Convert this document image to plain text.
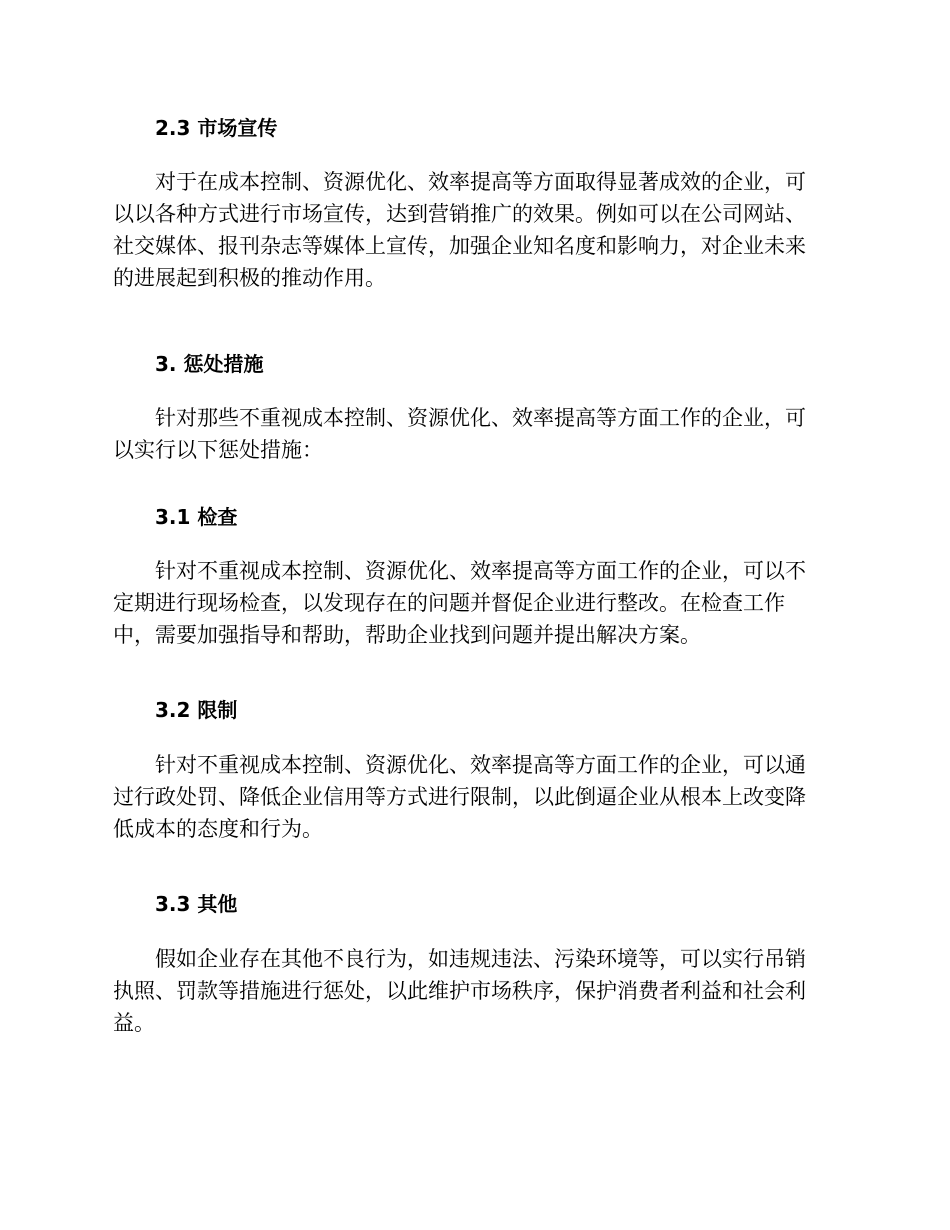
2.3 市场宣传
对于在成本控制、资源优化、效率提高等方面取得显著成效的企业，可
以以各种方式进行市场宣传，达到营销推广的效果。例如可以在公司网站、
社交媒体、报刊杂志等媒体上宣传，加强企业知名度和影响力，对企业未来
的进展起到积极的推动作用。
3. 惩处措施
针对那些不重视成本控制、资源优化、效率提高等方面工作的企业，可
以实行以下惩处措施：
3.1 检查
针对不重视成本控制、资源优化、效率提高等方面工作的企业，可以不
定期进行现场检查，以发现存在的问题并督促企业进行整改。在检查工作
中，需要加强指导和帮助，帮助企业找到问题并提出解决方案。
3.2 限制
针对不重视成本控制、资源优化、效率提高等方面工作的企业，可以通
过行政处罚、降低企业信用等方式进行限制，以此倒逼企业从根本上改变降
低成本的态度和行为。
3.3 其他
假如企业存在其他不良行为，如违规违法、污染环境等，可以实行吊销
执照、罚款等措施进行惩处，以此维护市场秩序，保护消费者利益和社会利
益。
